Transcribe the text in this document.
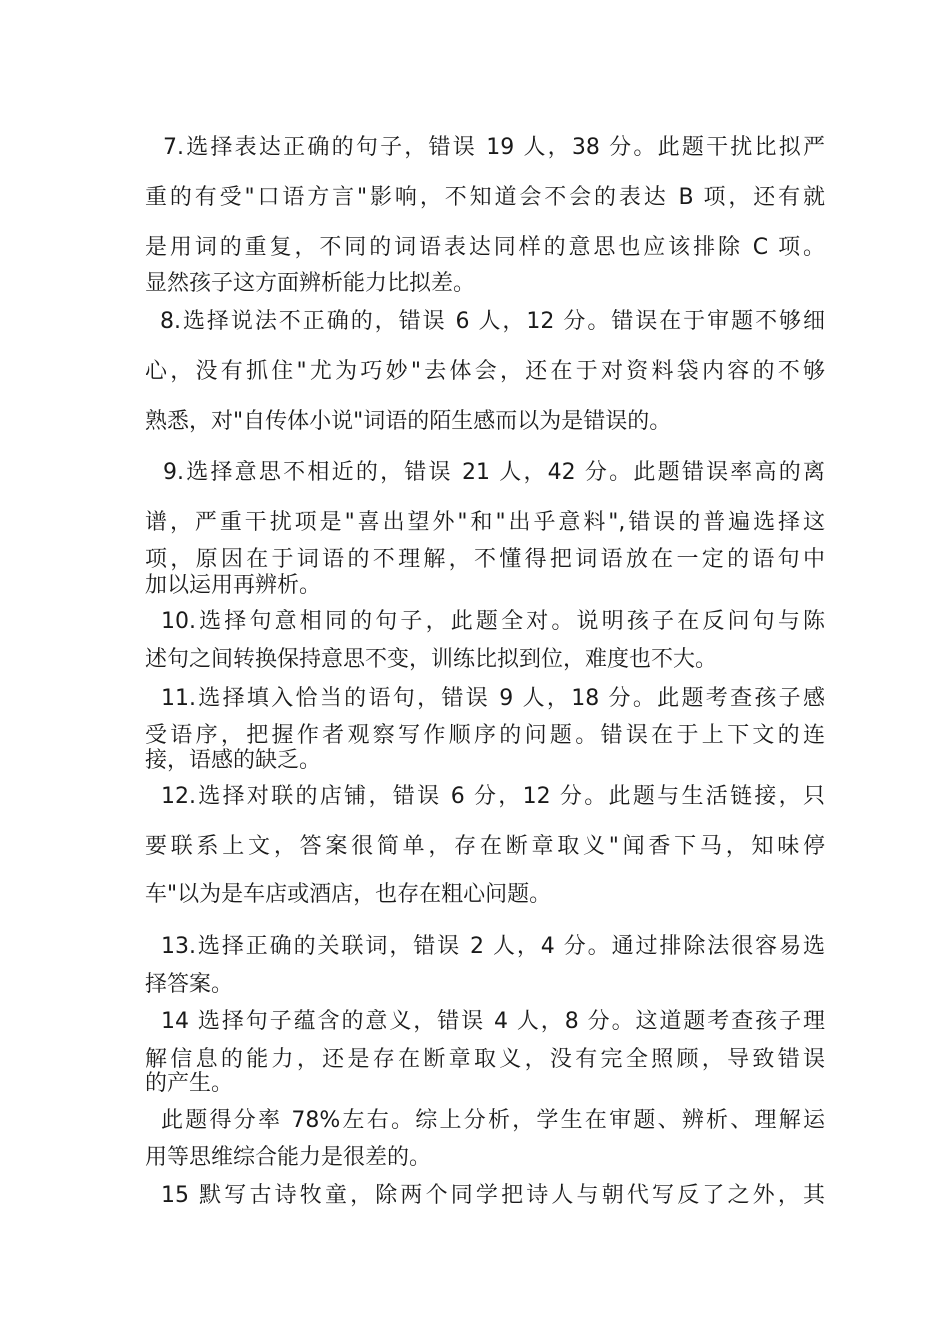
7.选择表达正确的句子，错误 19 人，38 分。此题干扰比拟严
重的有受"口语方言"影响，不知道会不会的表达 B 项，还有就
是用词的重复，不同的词语表达同样的意思也应该排除 C 项。
显然孩子这方面辨析能力比拟差。
8.选择说法不正确的，错误 6 人，12 分。错误在于审题不够细
心，没有抓住"尤为巧妙"去体会，还在于对资料袋内容的不够
熟悉，对"自传体小说"词语的陌生感而以为是错误的。
9.选择意思不相近的，错误 21 人，42 分。此题错误率高的离
谱，严重干扰项是"喜出望外"和"出乎意料",错误的普遍选择这
项，原因在于词语的不理解，不懂得把词语放在一定的语句中
加以运用再辨析。
10.选择句意相同的句子，此题全对。说明孩子在反问句与陈
述句之间转换保持意思不变，训练比拟到位，难度也不大。
11.选择填入恰当的语句，错误 9 人，18 分。此题考查孩子感
受语序，把握作者观察写作顺序的问题。错误在于上下文的连
接，语感的缺乏。
12.选择对联的店铺，错误 6 分，12 分。此题与生活链接，只
要联系上文，答案很简单，存在断章取义"闻香下马，知味停
车"以为是车店或酒店，也存在粗心问题。
13.选择正确的关联词，错误 2 人，4 分。通过排除法很容易选
择答案。
14 选择句子蕴含的意义，错误 4 人，8 分。这道题考查孩子理
解信息的能力，还是存在断章取义，没有完全照顾，导致错误
的产生。
此题得分率 78%左右。综上分析，学生在审题、辨析、理解运
用等思维综合能力是很差的。
15 默写古诗牧童，除两个同学把诗人与朝代写反了之外，其
